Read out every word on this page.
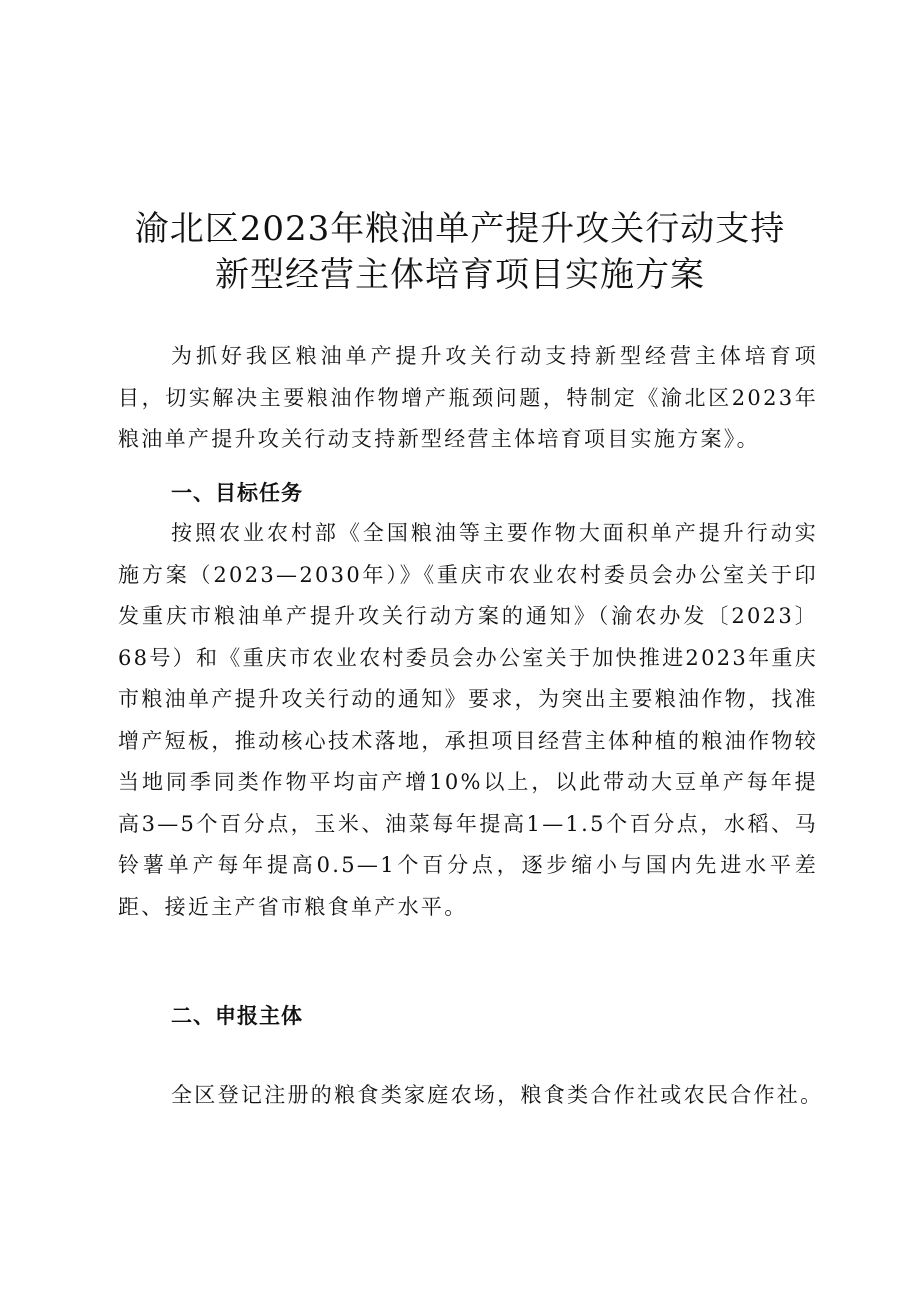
渝北区2023年粮油单产提升攻关行动支持
新型经营主体培育项目实施方案

为抓好我区粮油单产提升攻关行动支持新型经营主体培育项目，切实解决主要粮油作物增产瓶颈问题，特制定《渝北区2023年粮油单产提升攻关行动支持新型经营主体培育项目实施方案》。

一、目标任务

按照农业农村部《全国粮油等主要作物大面积单产提升行动实施方案（2023—2030年）》《重庆市农业农村委员会办公室关于印发重庆市粮油单产提升攻关行动方案的通知》（渝农办发〔2023〕68号）和《重庆市农业农村委员会办公室关于加快推进2023年重庆市粮油单产提升攻关行动的通知》要求，为突出主要粮油作物，找准增产短板，推动核心技术落地，承担项目经营主体种植的粮油作物较当地同季同类作物平均亩产增10%以上，以此带动大豆单产每年提高3—5个百分点，玉米、油菜每年提高1—1.5个百分点，水稻、马铃薯单产每年提高0.5—1个百分点，逐步缩小与国内先进水平差距、接近主产省市粮食单产水平。

二、申报主体
全区登记注册的粮食类家庭农场，粮食类合作社或农民合作社。
